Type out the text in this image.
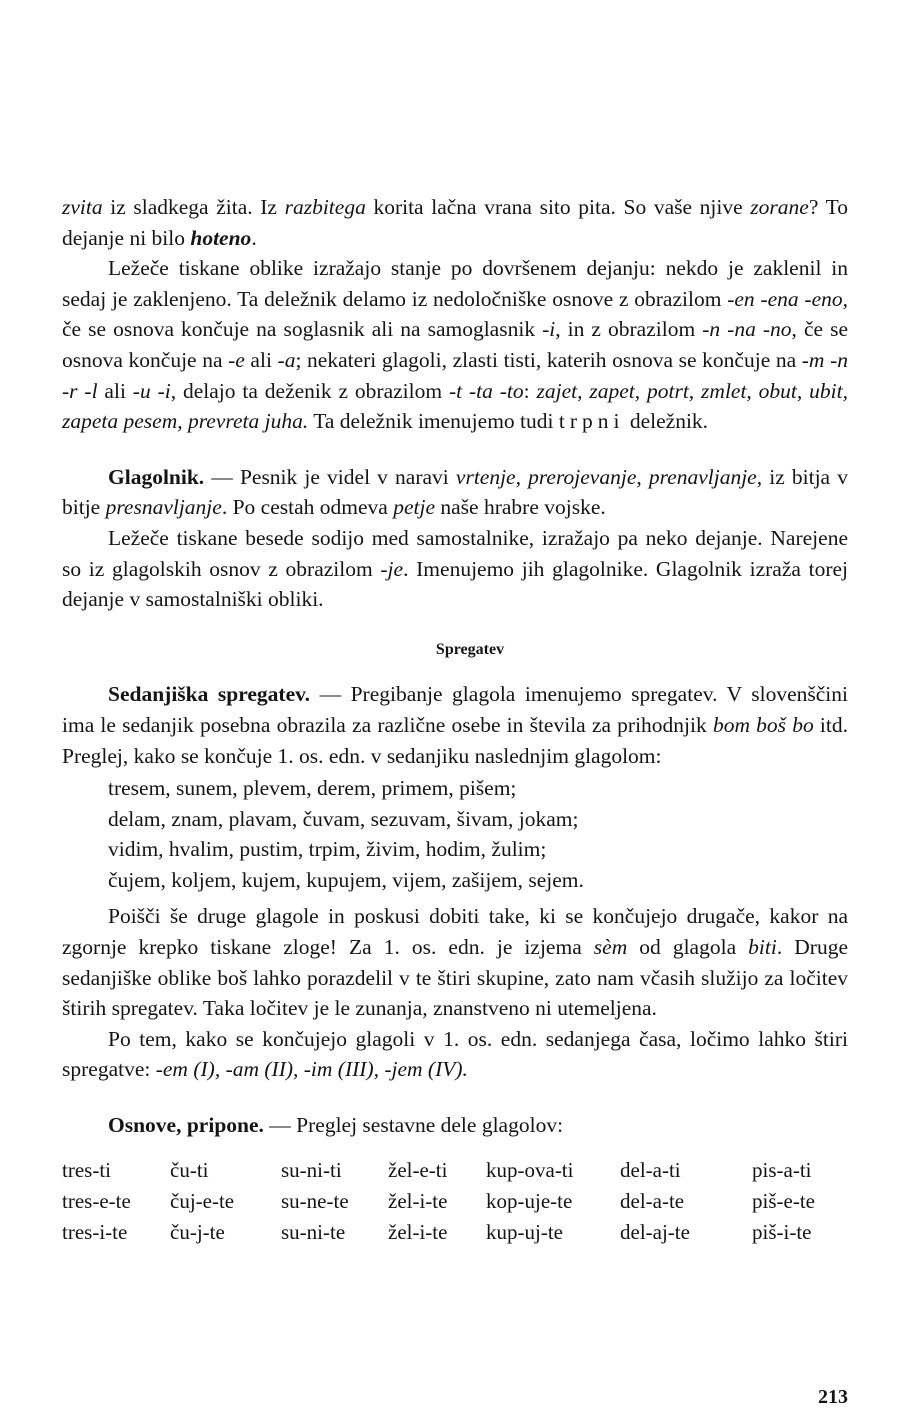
zvita iz sladkega žita. Iz razbitega korita lačna vrana sito pita. So vaše njive zorane? To dejanje ni bilo hoteno.

Ležeče tiskane oblike izražajo stanje po dovršenem dejanju: nekdo je zaklenil in sedaj je zaklenjeno. Ta deležnik delamo iz nedoločniške osnove z obrazilom -en -ena -eno, če se osnova končuje na soglasnik ali na samoglasnik -i, in z obrazilom -n -na -no, če se osnova končuje na -e ali -a; nekateri glagoli, zlasti tisti, katerih osnova se končuje na -m -n -r -l ali -u -i, delajo ta deženik z obrazilom -t -ta -to: zajet, zapet, potrt, zmlet, obut, ubit, zapeta pesem, prevreta juha. Ta deležnik imenujemo tudi trpni deležnik.

Glagolnik. — Pesnik je videl v naravi vrtenje, prerojevanje, prenavljanje, iz bitja v bitje presnavljanje. Po cestah odmeva petje naše hrabre vojske.

Ležeče tiskane besede sodijo med samostalnike, izražajo pa neko dejanje. Narejene so iz glagolskih osnov z obrazilom -je. Imenujemo jih glagolnike. Glagolnik izraža torej dejanje v samostalniški obliki.

Spregatev

Sedanjiška spregatev. — Pregibanje glagola imenujemo spregatev. V slovenščini ima le sedanjik posebna obrazila za različne osebe in števila za prihodnjik bom boš bo itd. Preglej, kako se končuje 1. os. edn. v sedanjiku naslednjim glagolom:

tresem, sunem, plevem, derem, primem, pišem;
delam, znam, plavam, čuvam, sezuvam, šivam, jokam;
vidim, hvalim, pustim, trpim, živim, hodim, žulim;
čujem, koljem, kujem, kupujem, vijem, zašijem, sejem.

Poišči še druge glagole in poskusi dobiti take, ki se končujejo drugače, kakor na zgornje krepko tiskane zloge! Za 1. os. edn. je izjema sèm od glagola biti. Druge sedanjiške oblike boš lahko porazdelil v te štiri skupine, zato nam včasih služijo za ločitev štirih spregatev. Taka ločitev je le zunanja, znanstveno ni utemeljena.

Po tem, kako se končujejo glagoli v 1. os. edn. sedanjega časa, ločimo lahko štiri spregatve: -em (I), -am (II), -im (III), -jem (IV).

Osnove, pripone. — Preglej sestavne dele glagolov:

tres-ti	ču-ti	su-ni-ti	žel-e-ti	kup-ova-ti	del-a-ti	pis-a-ti
tres-e-te	čuj-e-te	su-ne-te	žel-i-te	kop-uje-te	del-a-te	piš-e-te
tres-i-te	ču-j-te	su-ni-te	žel-i-te	kup-uj-te	del-aj-te	piš-i-te
213
